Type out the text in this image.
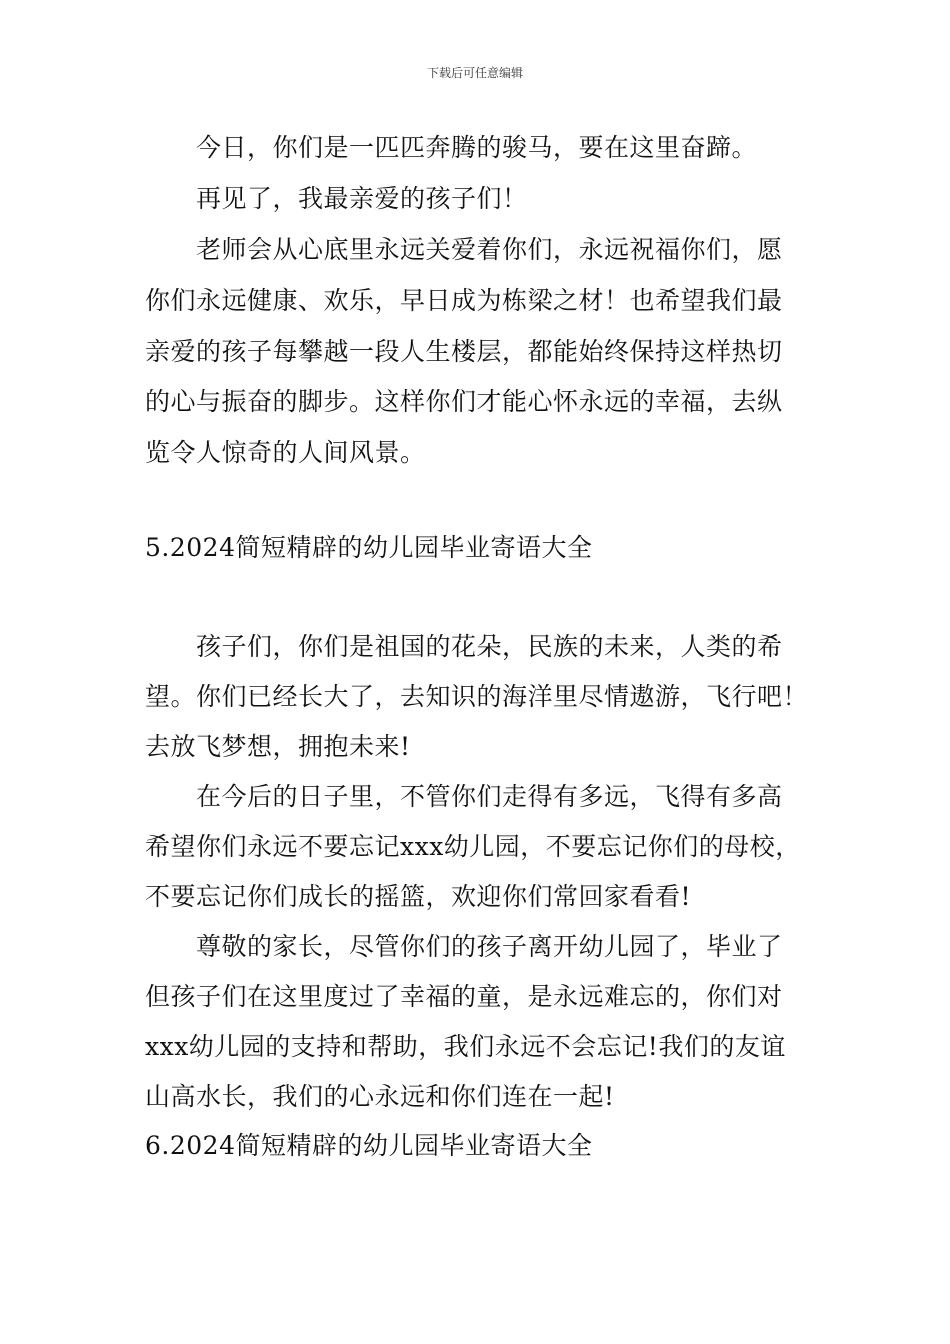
下载后可任意编辑
今日，你们是一匹匹奔腾的骏马，要在这里奋蹄。
再见了，我最亲爱的孩子们！
老师会从心底里永远关爱着你们，永远祝福你们，愿
你们永远健康、欢乐，早日成为栋梁之材！也希望我们最
亲爱的孩子每攀越一段人生楼层，都能始终保持这样热切
的心与振奋的脚步。这样你们才能心怀永远的幸福，去纵
览令人惊奇的人间风景。
5.2024简短精辟的幼儿园毕业寄语大全
孩子们，你们是祖国的花朵，民族的未来，人类的希
望。你们已经长大了，去知识的海洋里尽情遨游，飞行吧！
去放飞梦想，拥抱未来!
在今后的日子里，不管你们走得有多远，飞得有多高
希望你们永远不要忘记xxx幼儿园，不要忘记你们的母校，
不要忘记你们成长的摇篮，欢迎你们常回家看看!
尊敬的家长，尽管你们的孩子离开幼儿园了，毕业了
但孩子们在这里度过了幸福的童，是永远难忘的，你们对
xxx幼儿园的支持和帮助，我们永远不会忘记!我们的友谊
山高水长，我们的心永远和你们连在一起!
6.2024简短精辟的幼儿园毕业寄语大全
